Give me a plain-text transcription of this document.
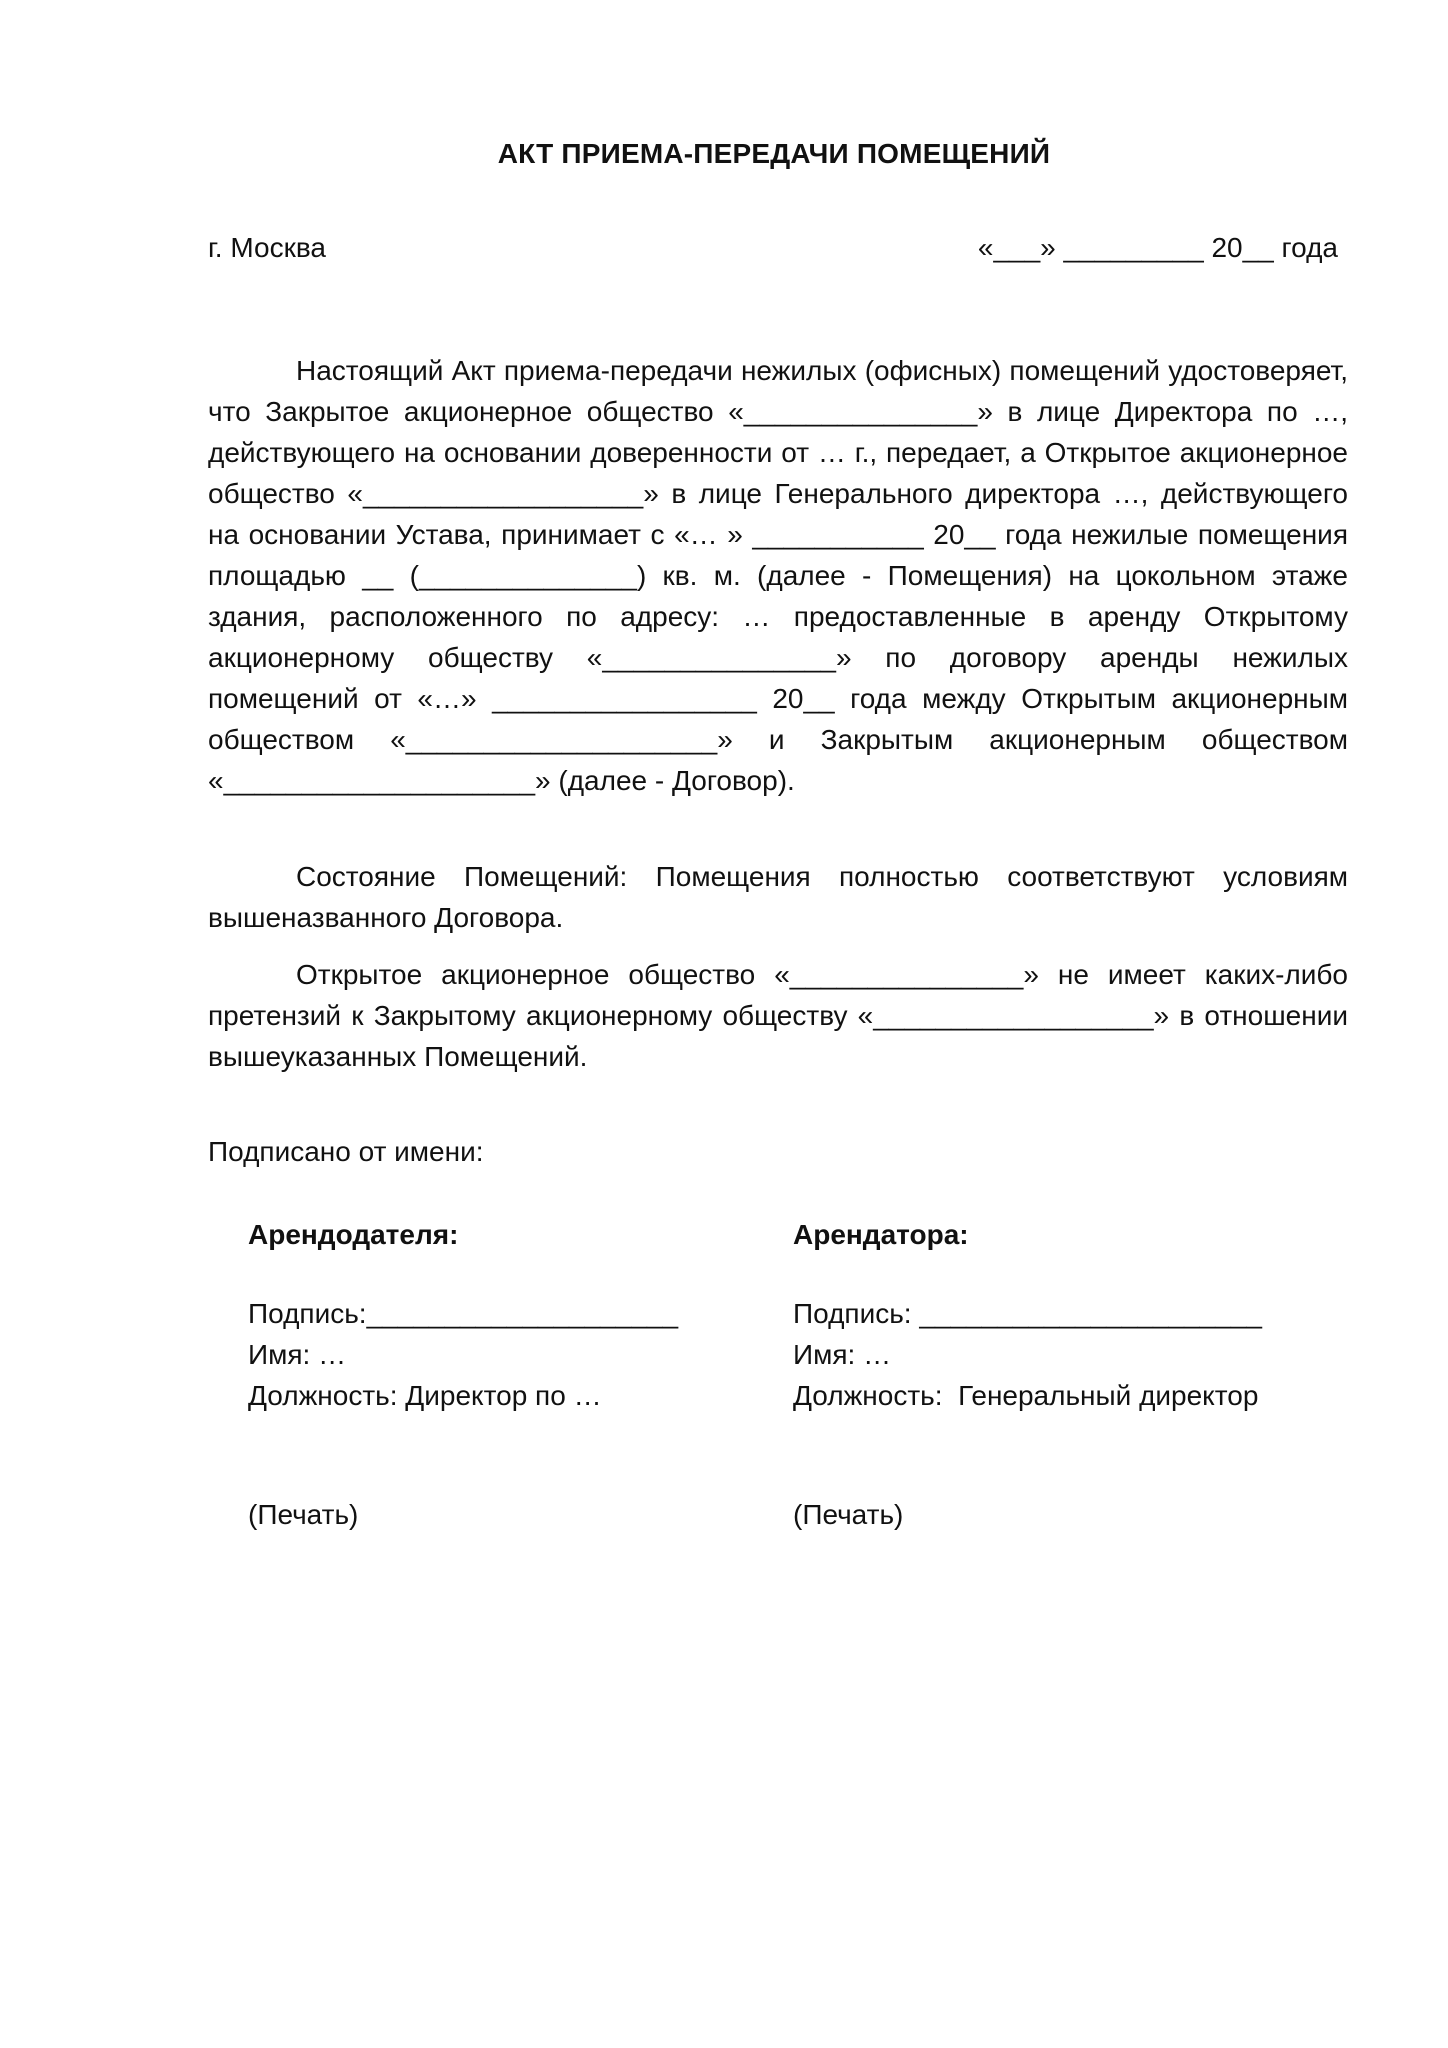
АКТ ПРИЕМА-ПЕРЕДАЧИ ПОМЕЩЕНИЙ
г. Москва	«___» _________ 20__ года

Настоящий Акт приема-передачи нежилых (офисных) помещений удостоверяет, что Закрытое акционерное общество «_______________» в лице Директора по …, действующего на основании доверенности от … г., передает, а Открытое акционерное общество «__________________» в лице Генерального директора …, действующего на основании Устава, принимает с «… » ___________ 20__ года нежилые помещения площадью __ (______________) кв. м. (далее - Помещения) на цокольном этаже здания, расположенного по адресу: … предоставленные в аренду Открытому акционерному обществу «_______________» по договору аренды нежилых помещений от «…» _________________ 20__ года между Открытым акционерным обществом «____________________» и Закрытым акционерным обществом «____________________» (далее - Договор).

Состояние Помещений: Помещения полностью соответствуют условиям вышеназванного Договора.

Открытое акционерное общество «_______________» не имеет каких-либо претензий к Закрытому акционерному обществу «__________________» в отношении вышеуказанных Помещений.

Подписано от имени:
Арендодателя:
Подпись:____________________
Имя: …
Должность: Директор по …
(Печать)
Арендатора:
Подпись: ______________________
Имя: …
Должность:  Генеральный директор
(Печать)
